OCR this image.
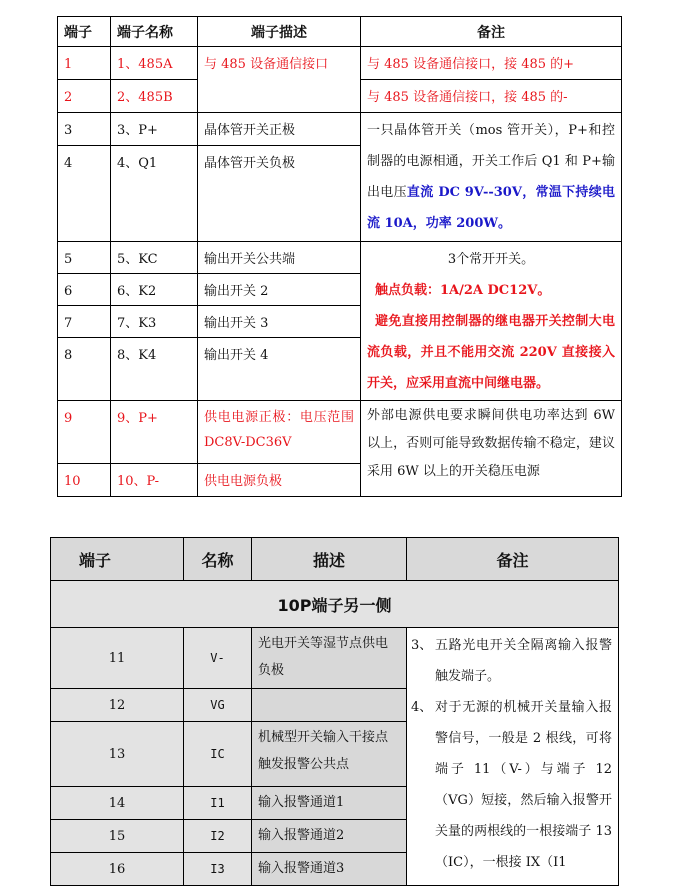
端子	端子名称	端子描述	备注
1	1、485A	与 485 设备通信接口	与 485 设备通信接口，接 485 的+
2	2、485B		与 485 设备通信接口，接 485 的-
3	3、P+	晶体管开关正极	一只晶体管开关（mos 管开关），P+和控制器的电源相通，开关工作后 Q1 和 P+输出电压直流 DC 9V--30V，常温下持续电流 10A，功率 200W。
4	4、Q1	晶体管开关负极	
5	5、KC	输出开关公共端	3个常开开关。

触点负载：1A/2A DC12V。

避免直接用控制器的继电器开关控制大电流负载，并且不能用交流 220V 直接接入开关，应采用直流中间继电器。

6	6、K2	输出开关 2	
7	7、K3	输出开关 3	
8	8、K4	输出开关 4	
9	9、P+	供电电源正极：电压范围 DC8V-DC36V	外部电源供电要求瞬间供电功率达到 6W 以上，否则可能导致数据传输不稳定，建议采用 6W 以上的开关稳压电源
10	10、P-	供电电源负极	
端子	名称	描述	备注
10P端子另一侧			
11	V-	光电开关等湿节点供电负极	3、 五路光电开关全隔离输入报警触发端子。
4、 对于无源的机械开关量输入报警信号，一般是 2 根线，可将端子 11（V-）与端子 12（VG）短接，然后输入报警开关量的两根线的一根接端子 13（IC），一根接 IX（I1

12	VG		
13	IC	机械型开关输入干接点触发报警公共点	
14	I1	输入报警通道1	
15	I2	输入报警通道2	
16	I3	输入报警通道3	
